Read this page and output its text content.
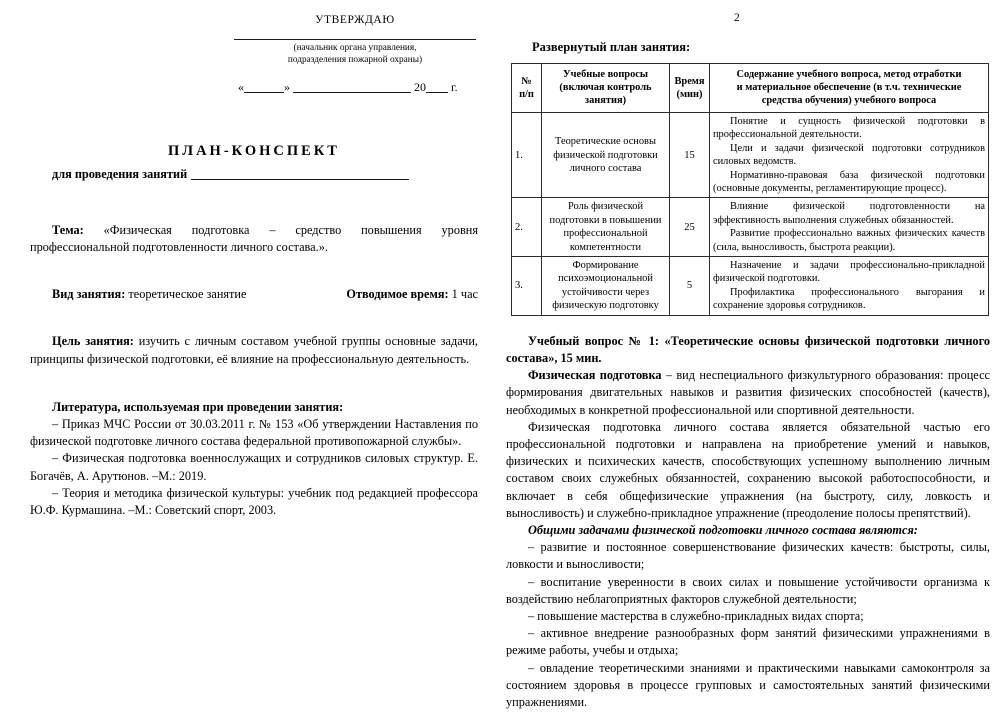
УТВЕРЖДАЮ
(начальник органа управления,
подразделения пожарной охраны)
«	»	20 г.
ПЛАН-КОНСПЕКТ
для проведения занятий

Тема: «Физическая подготовка – средство повышения уровня профессиональной подготовленности личного состава.».

Вид занятия: теоретическое занятие	Отводимое время: 1 час

Цель занятия: изучить с личным составом учебной группы основные задачи, принципы физической подготовки, её влияние на профессиональную деятельность.

Литература, используемая при проведении занятия:

– Приказ МЧС России от 30.03.2011 г. № 153 «Об утверждении Наставления по физической подготовке личного состава федеральной противопожарной службы».

– Физическая подготовка военнослужащих и сотрудников силовых структур. Е. Богачёв, А. Арутюнов. –М.: 2019.

– Теория и методика физической культуры: учебник под редакцией профессора Ю.Ф. Курмашина. –М.: Советский спорт, 2003.

2
Развернутый план занятия:
№
п/п

Учебные вопросы
(включая контроль
занятия)

Время
(мин)

Содержание учебного вопроса, метод отработки
и материальное обеспечение (в т.ч. технические
средства обучения) учебного вопроса

1.	Теоретические основы физической подготовки личного состава	15	Понятие и сущность физической подготовки в профессиональной деятельности.

Цели и задачи физической подготовки сотрудников силовых ведомств.

Нормативно-правовая база физической подготовки (основные документы, регламентирующие процесс).

2.	Роль физической подготовки в повышении профессиональной компетентности	25	Влияние физической подготовленности на эффективность выполнения служебных обязанностей.

Развитие профессионально важных физических качеств (сила, выносливость, быстрота реакции).

3.	Формирование психоэмоциональной устойчивости через физическую подготовку	5	Назначение и задачи профессионально-прикладной физической подготовки.

Профилактика профессионального выгорания и сохранение здоровья сотрудников.

Учебный вопрос № 1: «Теоретические основы физической подготовки личного состава», 15 мин.

Физическая подготовка – вид неспециального физкультурного образования: процесс формирования двигательных навыков и развития физических способностей (качеств), необходимых в конкретной профессиональной или спортивной деятельности.

Физическая подготовка личного состава является обязательной частью его профессиональной подготовки и направлена на приобретение умений и навыков, физических и психических качеств, способствующих успешному выполнению личным составом своих служебных обязанностей, сохранению высокой работоспособности, и включает в себя общефизические упражнения (на быстроту, силу, ловкость и выносливость) и служебно-прикладное упражнение (преодоление полосы препятствий).

Общими задачами физической подготовки личного состава являются:

– развитие и постоянное совершенствование физических качеств: быстроты, силы, ловкости и выносливости;

– воспитание уверенности в своих силах и повышение устойчивости организма к воздействию неблагоприятных факторов служебной деятельности;

– повышение мастерства в служебно-прикладных видах спорта;

– активное внедрение разнообразных форм занятий физическими упражнениями в режиме работы, учебы и отдыха;

– овладение теоретическими знаниями и практическими навыками самоконтроля за состоянием здоровья в процессе групповых и самостоятельных занятий физическими упражнениями.
